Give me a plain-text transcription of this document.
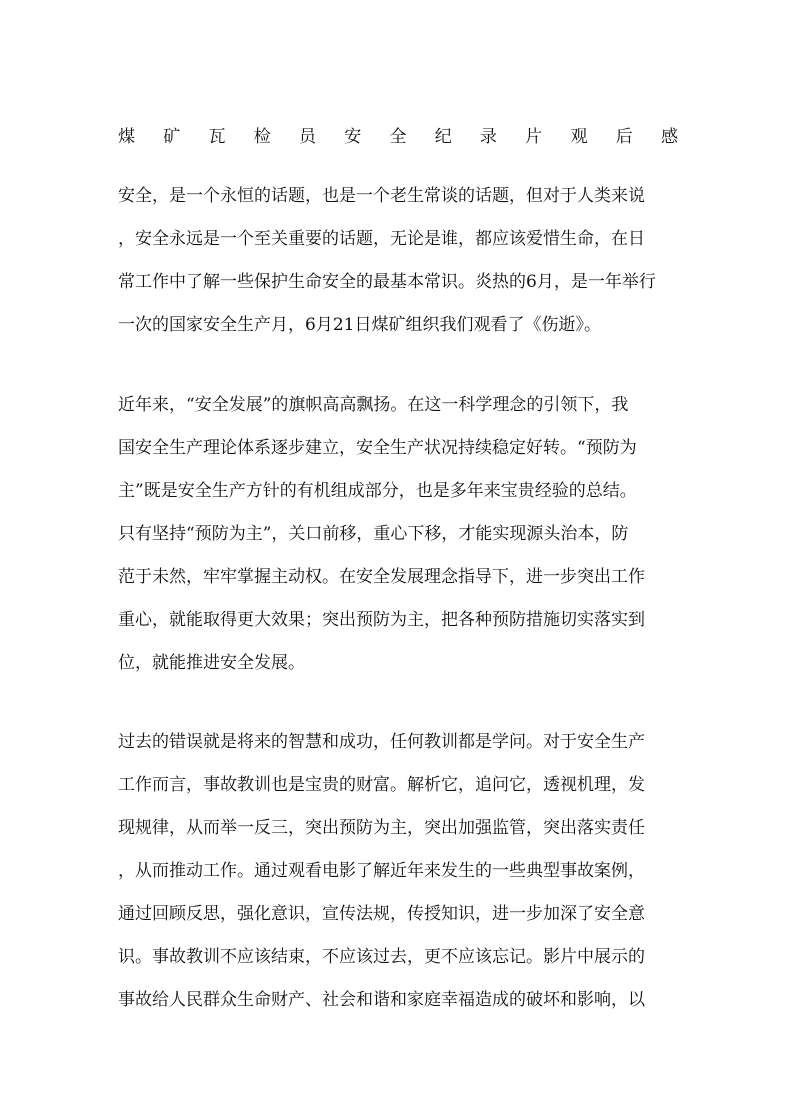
煤 矿 瓦 检 员 安 全 纪 录 片 观 后 感
安全，是一个永恒的话题，也是一个老生常谈的话题，但对于人类来说
，安全永远是一个至关重要的话题，无论是谁，都应该爱惜生命，在日
常工作中了解一些保护生命安全的最基本常识。炎热的6月，是一年举行
一次的国家安全生产月，6月21日煤矿组织我们观看了《伤逝》。
近年来，“安全发展”的旗帜高高飘扬。在这一科学理念的引领下，我
国安全生产理论体系逐步建立，安全生产状况持续稳定好转。“预防为
主”既是安全生产方针的有机组成部分，也是多年来宝贵经验的总结。
只有坚持“预防为主”，关口前移，重心下移，才能实现源头治本，防
范于未然，牢牢掌握主动权。在安全发展理念指导下，进一步突出工作
重心，就能取得更大效果；突出预防为主，把各种预防措施切实落实到
位，就能推进安全发展。
过去的错误就是将来的智慧和成功，任何教训都是学问。对于安全生产
工作而言，事故教训也是宝贵的财富。解析它，追问它，透视机理，发
现规律，从而举一反三，突出预防为主，突出加强监管，突出落实责任
，从而推动工作。通过观看电影了解近年来发生的一些典型事故案例，
通过回顾反思，强化意识，宣传法规，传授知识，进一步加深了安全意
识。事故教训不应该结束，不应该过去，更不应该忘记。影片中展示的
事故给人民群众生命财产、社会和谐和家庭幸福造成的破坏和影响，以
